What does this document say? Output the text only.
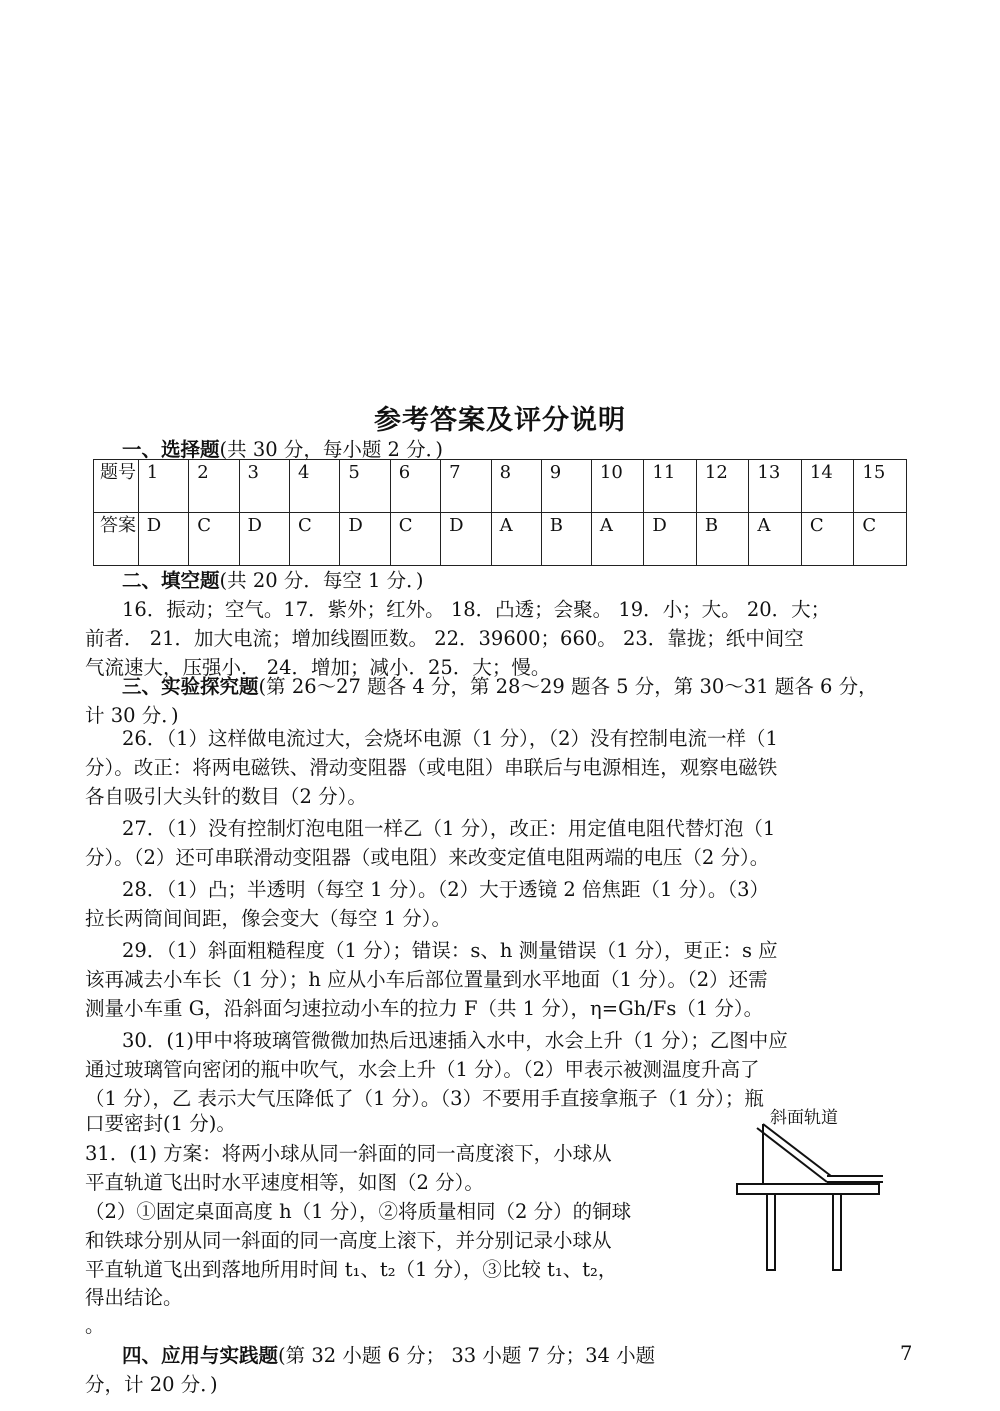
参考答案及评分说明
一、选择题(共 30 分，每小题 2 分．)
题号	1	2	3	4	5	6	7	8	9	10	11	12	13	14	15
答案	D	C	D	C	D	C	D	A	B	A	D	B	A	C	C
二、填空题(共 20 分．每空 1 分．)
16．振动；空气。17．紫外；红外。 18．凸透；会聚。 19．小；大。 20．大；
前者． 21．加大电流；增加线圈匝数。 22．39600；660。 23．靠拢；纸中间空
气流速大，压强小． 24．增加；减小．25．大；慢。
三、实验探究题(第 26～27 题各 4 分，第 28～29 题各 5 分，第 30～31 题各 6 分，
计 30 分．)
26．（1）这样做电流过大，会烧坏电源（1 分），（2）没有控制电流一样（1
分）。改正：将两电磁铁、滑动变阻器（或电阻）串联后与电源相连，观察电磁铁
各自吸引大头针的数目（2 分）。
27．（1）没有控制灯泡电阻一样乙（1 分），改正：用定值电阻代替灯泡（1
分）。（2）还可串联滑动变阻器（或电阻）来改变定值电阻两端的电压（2 分）。
28．（1）凸；半透明（每空 1 分）。（2）大于透镜 2 倍焦距（1 分）。（3）
拉长两筒间间距，像会变大（每空 1 分）。
29．（1）斜面粗糙程度（1 分）；错误：s、h 测量错误（1 分），更正：s 应
该再减去小车长（1 分）；h 应从小车后部位置量到水平地面（1 分）。（2）还需
测量小车重 G，沿斜面匀速拉动小车的拉力 F（共 1 分），η=Gh/Fs（1 分）。
30．(1)甲中将玻璃管微微加热后迅速插入水中，水会上升（1 分）；乙图中应
通过玻璃管向密闭的瓶中吹气，水会上升（1 分）。（2）甲表示被测温度升高了
（1 分），乙 表示大气压降低了（1 分）。（3）不要用手直接拿瓶子（1 分）；瓶
口要密封(1 分)。
31．(1) 方案：将两小球从同一斜面的同一高度滚下，小球从
平直轨道飞出时水平速度相等，如图（2 分）。
（2）①固定桌面高度 h（1 分），②将质量相同（2 分）的铜球
和铁球分别从同一斜面的同一高度上滚下，并分别记录小球从
平直轨道飞出到落地所用时间 t₁、t₂（1 分），③比较 t₁、t₂，
得出结论。
。
四、应用与实践题(第 32 小题 6 分； 33 小题 7 分；34 小题
分，计 20 分．)
7
斜面轨道
